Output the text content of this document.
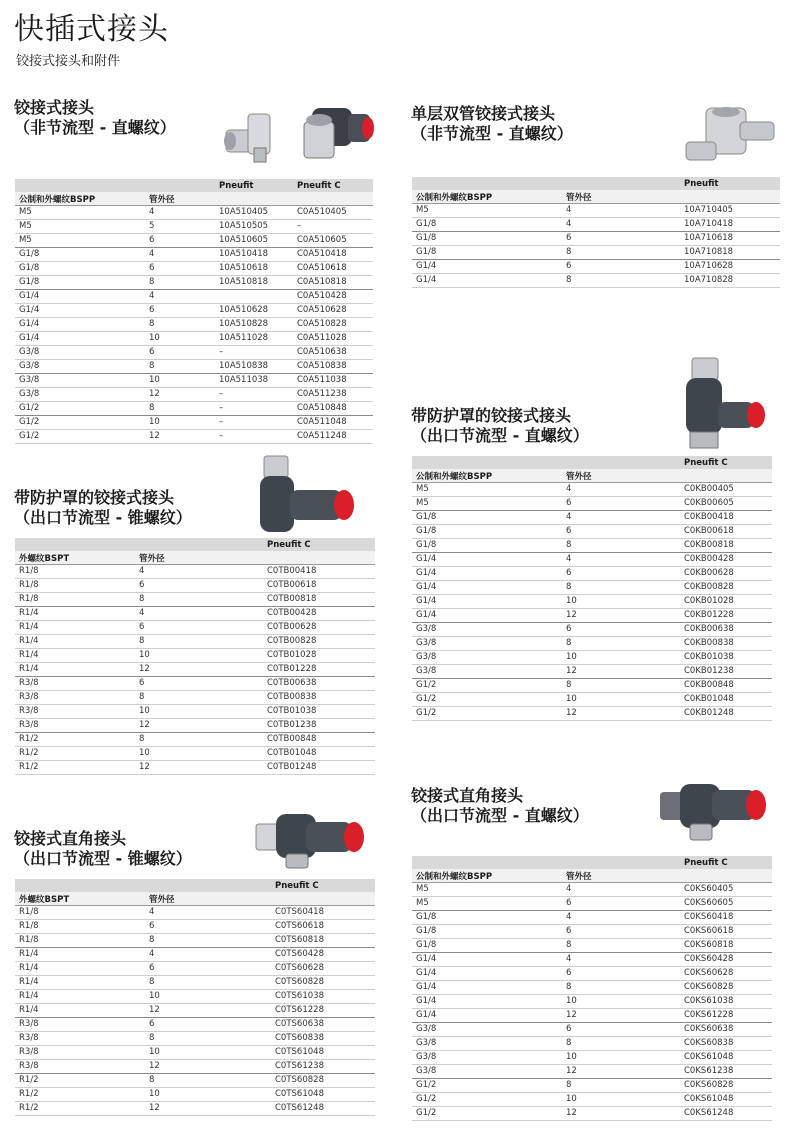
快插式接头
铰接式接头和附件
铰接式接头
（非节流型 - 直螺纹）
单层双管铰接式接头
（非节流型 - 直螺纹）
带防护罩的铰接式接头
（出口节流型 - 锥螺纹）
带防护罩的铰接式接头
（出口节流型 - 直螺纹）
铰接式直角接头
（出口节流型 - 锥螺纹）
铰接式直角接头
（出口节流型 - 直螺纹）
		Pneufit	Pneufit C
公制和外螺纹BSPP	管外径		
M5	4	10A510405	C0A510405
M5	5	10A510505	–
M5	6	10A510605	C0A510605
G1/8	4	10A510418	C0A510418
G1/8	6	10A510618	C0A510618
G1/8	8	10A510818	C0A510818
G1/4	4		C0A510428
G1/4	6	10A510628	C0A510628
G1/4	8	10A510828	C0A510828
G1/4	10	10A511028	C0A511028
G3/8	6	–	C0A510638
G3/8	8	10A510838	C0A510838
G3/8	10	10A511038	C0A511038
G3/8	12	–	C0A511238
G1/2	8	–	C0A510848
G1/2	10	–	C0A511048
G1/2	12	–	C0A511248
		Pneufit
公制和外螺纹BSPP	管外径	
M5	4	10A710405
G1/8	4	10A710418
G1/8	6	10A710618
G1/8	8	10A710818
G1/4	6	10A710628
G1/4	8	10A710828
		Pneufit C
外螺纹BSPT	管外径	
R1/8	4	C0TB00418
R1/8	6	C0TB00618
R1/8	8	C0TB00818
R1/4	4	C0TB00428
R1/4	6	C0TB00628
R1/4	8	C0TB00828
R1/4	10	C0TB01028
R1/4	12	C0TB01228
R3/8	6	C0TB00638
R3/8	8	C0TB00838
R3/8	10	C0TB01038
R3/8	12	C0TB01238
R1/2	8	C0TB00848
R1/2	10	C0TB01048
R1/2	12	C0TB01248
		Pneufit C
公制和外螺纹BSPP	管外径	
M5	4	C0KB00405
M5	6	C0KB00605
G1/8	4	C0KB00418
G1/8	6	C0KB00618
G1/8	8	C0KB00818
G1/4	4	C0KB00428
G1/4	6	C0KB00628
G1/4	8	C0KB00828
G1/4	10	C0KB01028
G1/4	12	C0KB01228
G3/8	6	C0KB00638
G3/8	8	C0KB00838
G3/8	10	C0KB01038
G3/8	12	C0KB01238
G1/2	8	C0KB00848
G1/2	10	C0KB01048
G1/2	12	C0KB01248
		Pneufit C
外螺纹BSPT	管外径	
R1/8	4	C0TS60418
R1/8	6	C0TS60618
R1/8	8	C0TS60818
R1/4	4	C0TS60428
R1/4	6	C0TS60628
R1/4	8	C0TS60828
R1/4	10	C0TS61038
R1/4	12	C0TS61228
R3/8	6	C0TS60638
R3/8	8	C0TS60838
R3/8	10	C0TS61048
R3/8	12	C0TS61238
R1/2	8	C0TS60828
R1/2	10	C0TS61048
R1/2	12	C0TS61248
		Pneufit C
公制和外螺纹BSPP	管外径	
M5	4	C0KS60405
M5	6	C0KS60605
G1/8	4	C0KS60418
G1/8	6	C0KS60618
G1/8	8	C0KS60818
G1/4	4	C0KS60428
G1/4	6	C0KS60628
G1/4	8	C0KS60828
G1/4	10	C0KS61038
G1/4	12	C0KS61228
G3/8	6	C0KS60638
G3/8	8	C0KS60838
G3/8	10	C0KS61048
G3/8	12	C0KS61238
G1/2	8	C0KS60828
G1/2	10	C0KS61048
G1/2	12	C0KS61248
